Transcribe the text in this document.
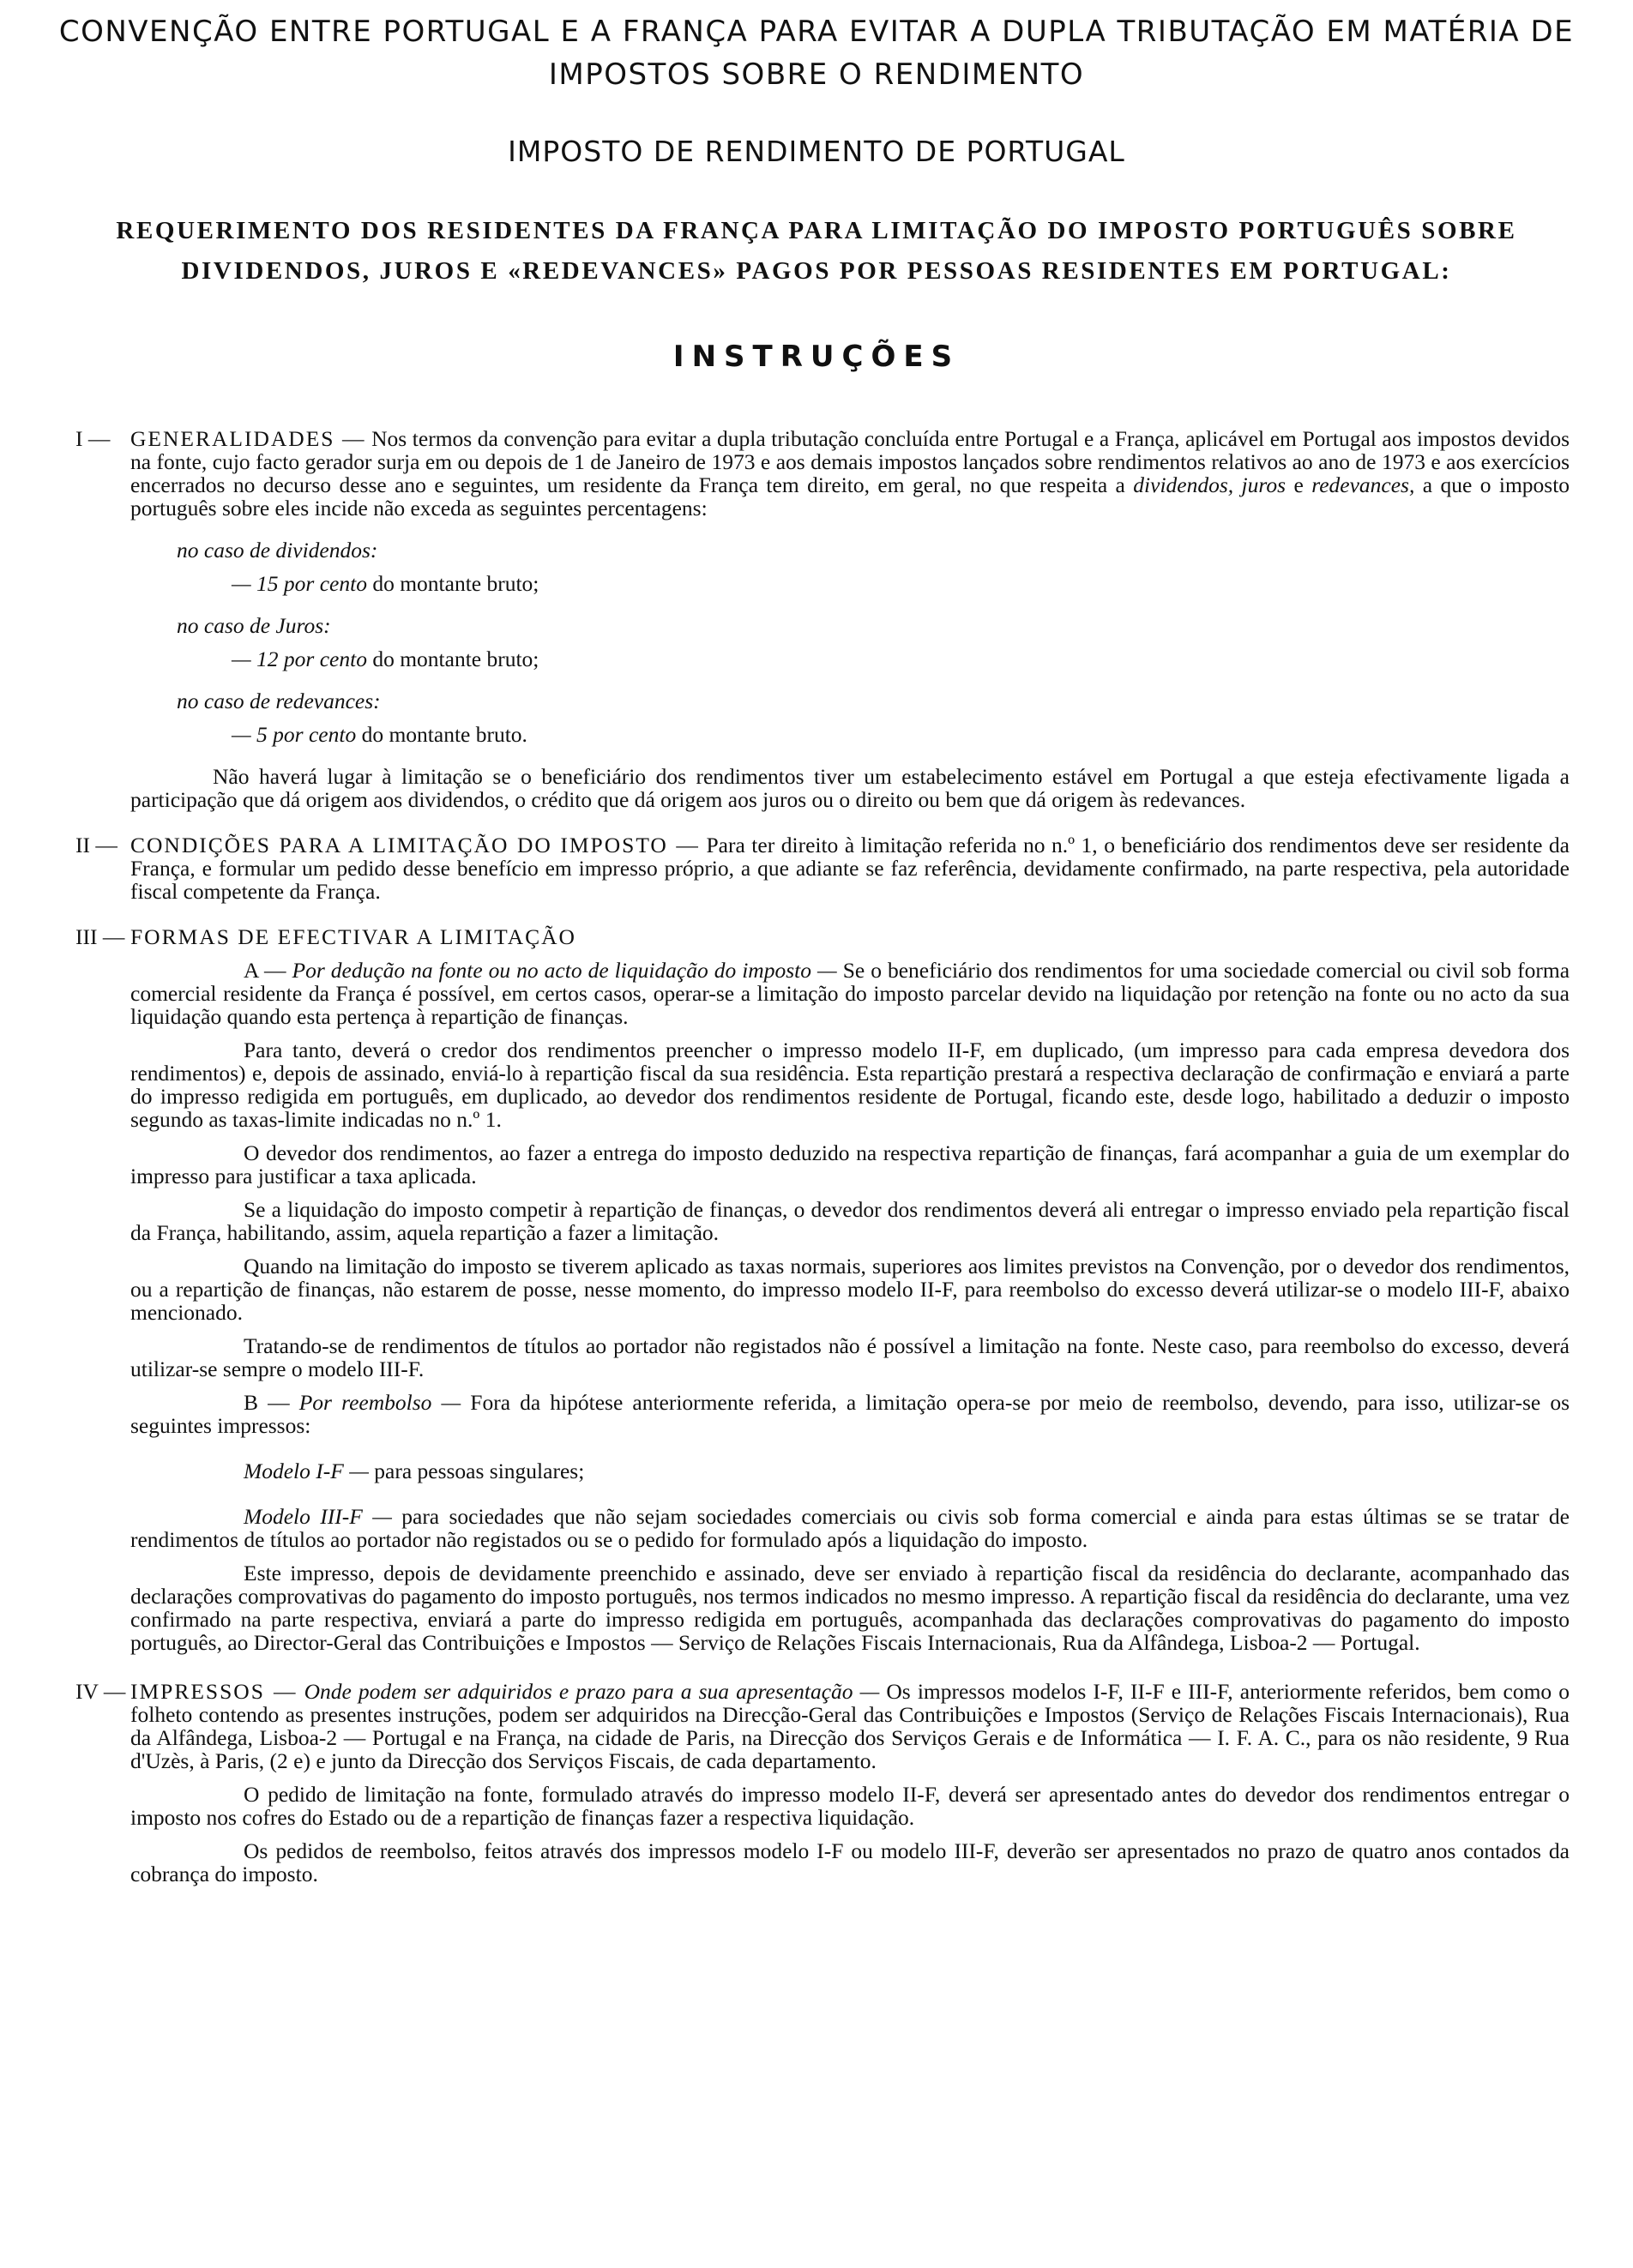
CONVENÇÃO ENTRE PORTUGAL E A FRANÇA PARA EVITAR A DUPLA TRIBUTAÇÃO EM MATÉRIA DE IMPOSTOS SOBRE O RENDIMENTO
IMPOSTO DE RENDIMENTO DE PORTUGAL
REQUERIMENTO DOS RESIDENTES DA FRANÇA PARA LIMITAÇÃO DO IMPOSTO PORTUGUÊS SOBRE DIVIDENDOS, JUROS E «REDEVANCES» PAGOS POR PESSOAS RESIDENTES EM PORTUGAL:
INSTRUÇÕES
I — GENERALIDADES — Nos termos da convenção para evitar a dupla tributação concluída entre Portugal e a França, aplicável em Portugal aos impostos devidos na fonte, cujo facto gerador surja em ou depois de 1 de Janeiro de 1973 e aos demais impostos lançados sobre rendimentos relativos ao ano de 1973 e aos exercícios encerrados no decurso desse ano e seguintes, um residente da França tem direito, em geral, no que respeita a dividendos, juros e redevances, a que o imposto português sobre eles incide não exceda as seguintes percentagens:

no caso de dividendos:

— 15 por cento do montante bruto;

no caso de Juros:

— 12 por cento do montante bruto;

no caso de redevances:

— 5 por cento do montante bruto.

Não haverá lugar à limitação se o beneficiário dos rendimentos tiver um estabelecimento estável em Portugal a que esteja efectivamente ligada a participação que dá origem aos dividendos, o crédito que dá origem aos juros ou o direito ou bem que dá origem às redevances.

II — CONDIÇÕES PARA A LIMITAÇÃO DO IMPOSTO — Para ter direito à limitação referida no n.º 1, o beneficiário dos rendimentos deve ser residente da França, e formular um pedido desse benefício em impresso próprio, a que adiante se faz referência, devidamente confirmado, na parte respectiva, pela autoridade fiscal competente da França.

III — FORMAS DE EFECTIVAR A LIMITAÇÃO

A — Por dedução na fonte ou no acto de liquidação do imposto — Se o beneficiário dos rendimentos for uma sociedade comercial ou civil sob forma comercial residente da França é possível, em certos casos, operar-se a limitação do imposto parcelar devido na liquidação por retenção na fonte ou no acto da sua liquidação quando esta pertença à repartição de finanças.

Para tanto, deverá o credor dos rendimentos preencher o impresso modelo II-F, em duplicado, (um impresso para cada empresa devedora dos rendimentos) e, depois de assinado, enviá-lo à repartição fiscal da sua residência. Esta repartição prestará a respectiva declaração de confirmação e enviará a parte do impresso redigida em português, em duplicado, ao devedor dos rendimentos residente de Portugal, ficando este, desde logo, habilitado a deduzir o imposto segundo as taxas-limite indicadas no n.º 1.

O devedor dos rendimentos, ao fazer a entrega do imposto deduzido na respectiva repartição de finanças, fará acompanhar a guia de um exemplar do impresso para justificar a taxa aplicada.

Se a liquidação do imposto competir à repartição de finanças, o devedor dos rendimentos deverá ali entregar o impresso enviado pela repartição fiscal da França, habilitando, assim, aquela repartição a fazer a limitação.

Quando na limitação do imposto se tiverem aplicado as taxas normais, superiores aos limites previstos na Convenção, por o devedor dos rendimentos, ou a repartição de finanças, não estarem de posse, nesse momento, do impresso modelo II-F, para reembolso do excesso deverá utilizar-se o modelo III-F, abaixo mencionado.

Tratando-se de rendimentos de títulos ao portador não registados não é possível a limitação na fonte. Neste caso, para reembolso do excesso, deverá utilizar-se sempre o modelo III-F.

B — Por reembolso — Fora da hipótese anteriormente referida, a limitação opera-se por meio de reembolso, devendo, para isso, utilizar-se os seguintes impressos:

Modelo I-F — para pessoas singulares;

Modelo III-F — para sociedades que não sejam sociedades comerciais ou civis sob forma comercial e ainda para estas últimas se se tratar de rendimentos de títulos ao portador não registados ou se o pedido for formulado após a liquidação do imposto.

Este impresso, depois de devidamente preenchido e assinado, deve ser enviado à repartição fiscal da residência do declarante, acompanhado das declarações comprovativas do pagamento do imposto português, nos termos indicados no mesmo impresso. A repartição fiscal da residência do declarante, uma vez confirmado na parte respectiva, enviará a parte do impresso redigida em português, acompanhada das declarações comprovativas do pagamento do imposto português, ao Director-Geral das Contribuições e Impostos — Serviço de Relações Fiscais Internacionais, Rua da Alfândega, Lisboa-2 — Portugal.

IV — IMPRESSOS — Onde podem ser adquiridos e prazo para a sua apresentação — Os impressos modelos I-F, II-F e III-F, anteriormente referidos, bem como o folheto contendo as presentes instruções, podem ser adquiridos na Direcção-Geral das Contribuições e Impostos (Serviço de Relações Fiscais Internacionais), Rua da Alfândega, Lisboa-2 — Portugal e na França, na cidade de Paris, na Direcção dos Serviços Gerais e de Informática — I. F. A. C., para os não residente, 9 Rua d'Uzès, à Paris, (2 e) e junto da Direcção dos Serviços Fiscais, de cada departamento.

O pedido de limitação na fonte, formulado através do impresso modelo II-F, deverá ser apresentado antes do devedor dos rendimentos entregar o imposto nos cofres do Estado ou de a repartição de finanças fazer a respectiva liquidação.

Os pedidos de reembolso, feitos através dos impressos modelo I-F ou modelo III-F, deverão ser apresentados no prazo de quatro anos contados da cobrança do imposto.
